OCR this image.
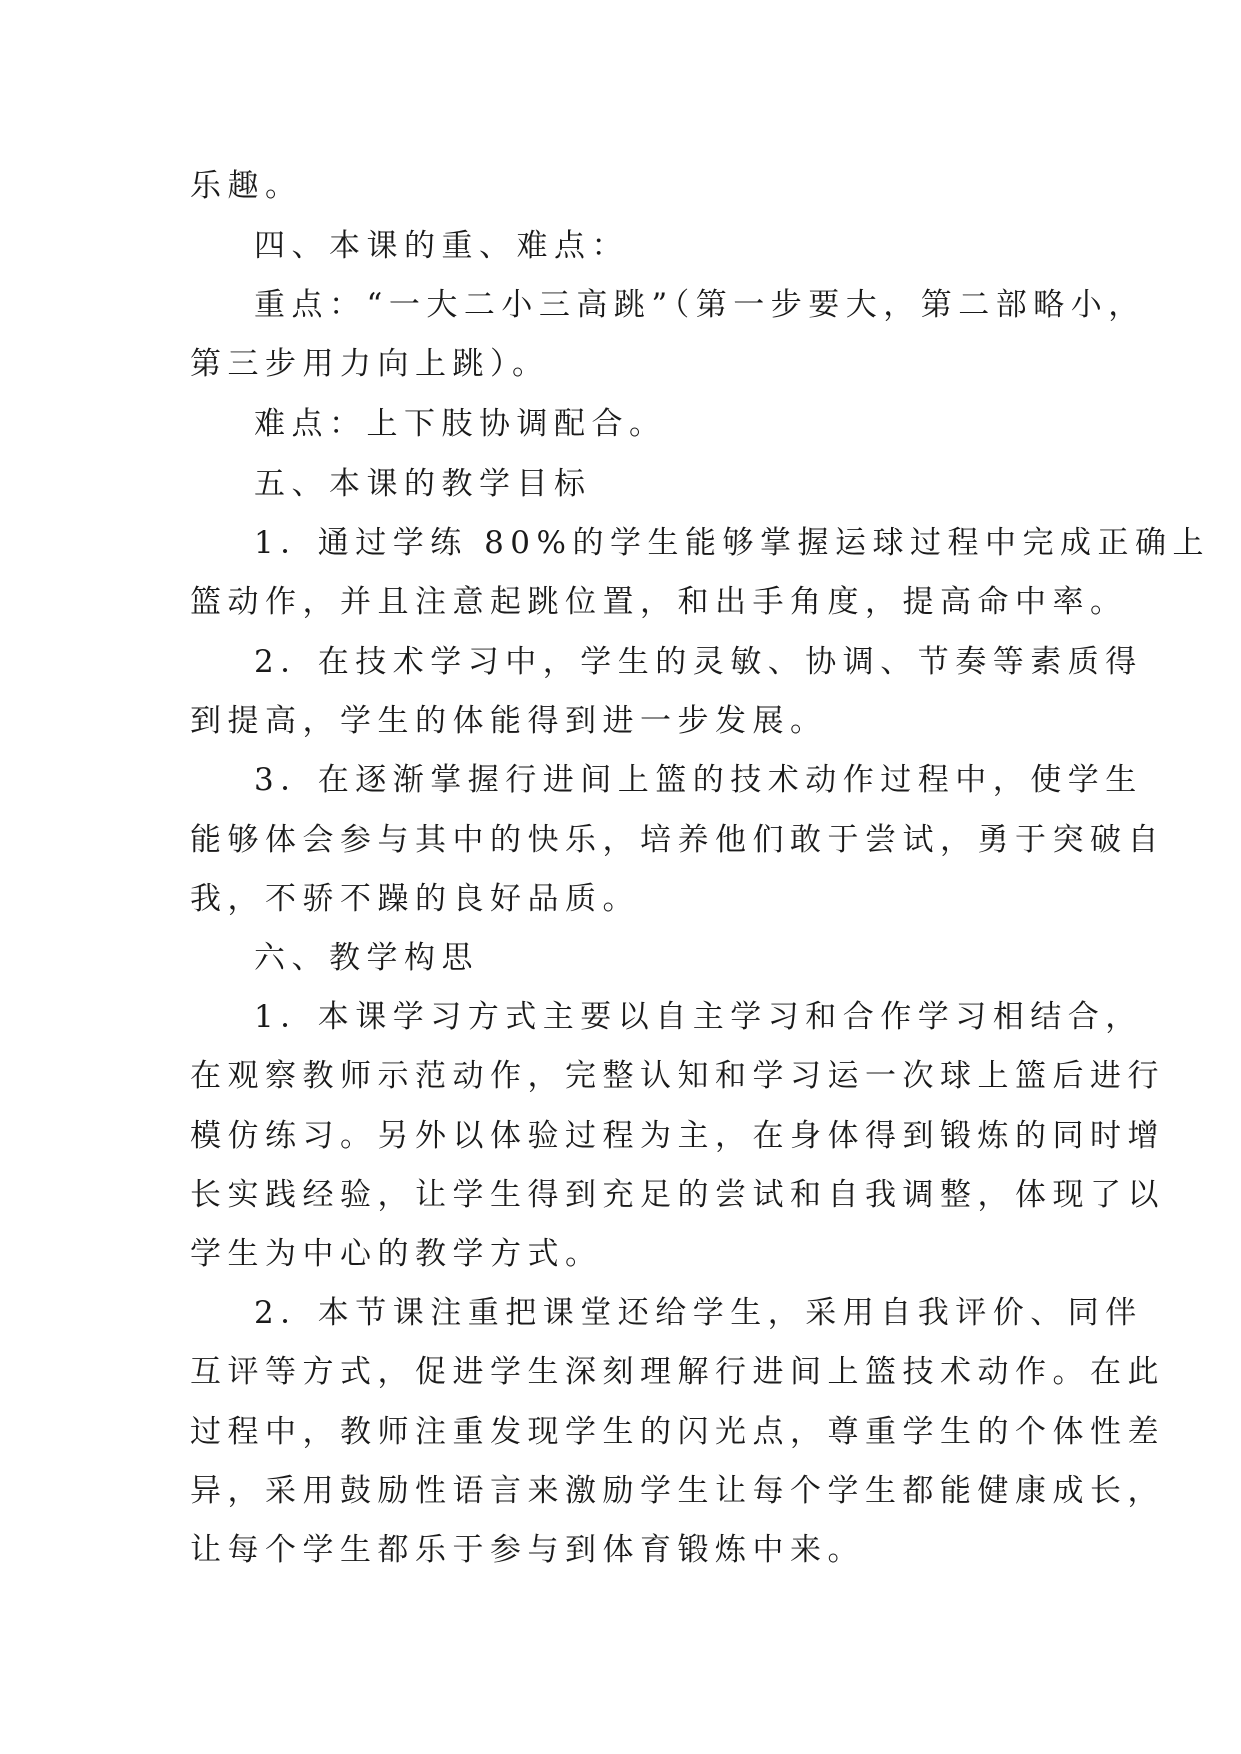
乐趣。
四、本课的重、难点：
重点：“一大二小三高跳”（第一步要大，第二部略小，
第三步用力向上跳）。
难点：上下肢协调配合。
五、本课的教学目标
1．通过学练 80%的学生能够掌握运球过程中完成正确上
篮动作，并且注意起跳位置，和出手角度，提高命中率。
2．在技术学习中，学生的灵敏、协调、节奏等素质得
到提高，学生的体能得到进一步发展。
3．在逐渐掌握行进间上篮的技术动作过程中，使学生
能够体会参与其中的快乐，培养他们敢于尝试，勇于突破自
我，不骄不躁的良好品质。
六、教学构思
1．本课学习方式主要以自主学习和合作学习相结合，
在观察教师示范动作，完整认知和学习运一次球上篮后进行
模仿练习。另外以体验过程为主，在身体得到锻炼的同时增
长实践经验，让学生得到充足的尝试和自我调整，体现了以
学生为中心的教学方式。
2．本节课注重把课堂还给学生，采用自我评价、同伴
互评等方式，促进学生深刻理解行进间上篮技术动作。在此
过程中，教师注重发现学生的闪光点，尊重学生的个体性差
异，采用鼓励性语言来激励学生让每个学生都能健康成长，
让每个学生都乐于参与到体育锻炼中来。
